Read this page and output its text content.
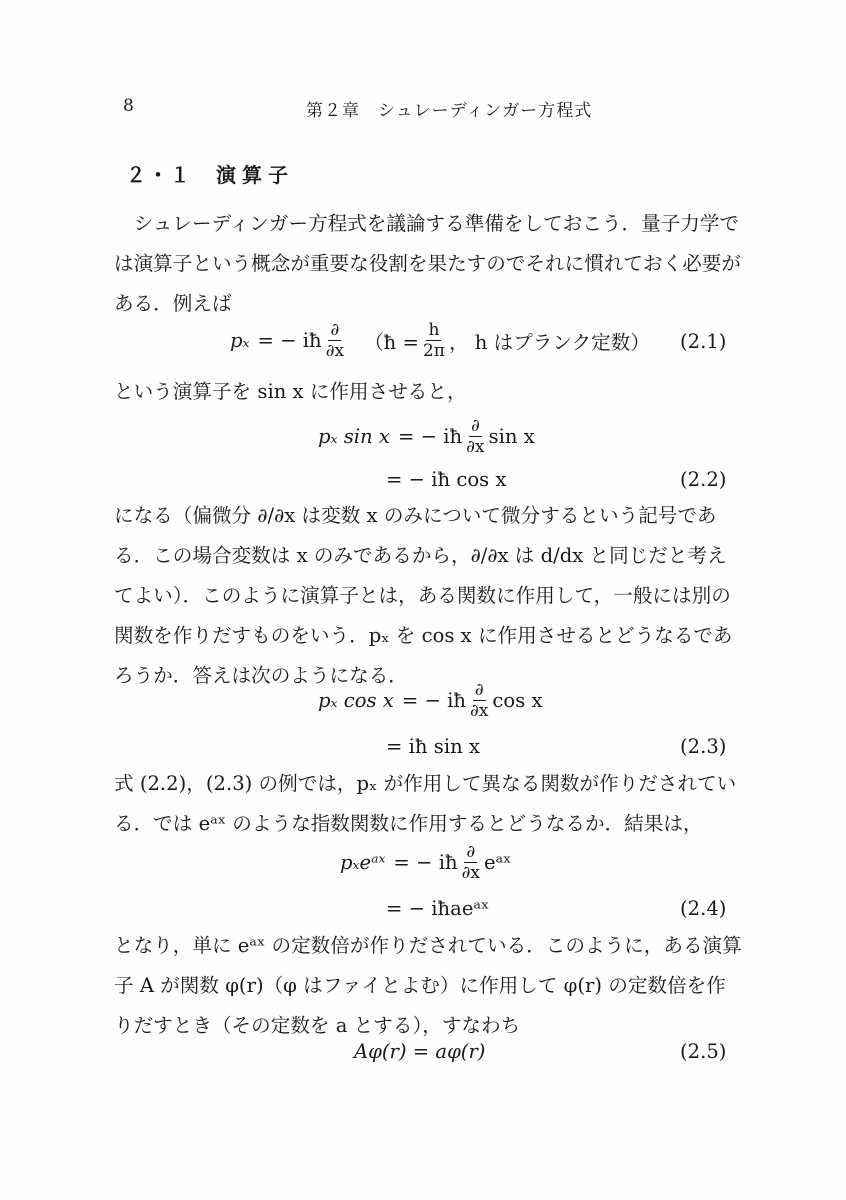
8	第２章　シュレーディンガー方程式
２・１ 演算子

シュレーディンガー方程式を議論する準備をしておこう．量子力学では演算子という概念が重要な役割を果たすのでそれに慣れておく必要がある．例えば

pₓ = − iħ $\frac{\partial}{\partial x}$ （ħ = $\frac{h}{2\pi}$ ， h はプランク定数） (2.1)

という演算子を sin x に作用させると，

pₓ sin x = − iħ $\frac{\partial}{\partial x}$ sin x
= − iħ cos x	(2.2)

になる（偏微分 ∂/∂x は変数 x のみについて微分するという記号である．この場合変数は x のみであるから，∂/∂x は d/dx と同じだと考えてよい）．このように演算子とは，ある関数に作用して，一般には別の関数を作りだすものをいう．pₓ を cos x に作用させるとどうなるであろうか．答えは次のようになる．

pₓ cos x = − iħ $\frac{\partial}{\partial x}$ cos x
= iħ sin x	(2.3)

式 (2.2)，(2.3) の例では，pₓ が作用して異なる関数が作りだされている．では eᵃˣ のような指数関数に作用するとどうなるか．結果は，

pₓeᵃˣ = − iħ $\frac{\partial}{\partial x}$ eᵃˣ
= − iħaeᵃˣ	(2.4)

となり，単に eᵃˣ の定数倍が作りだされている．このように，ある演算子 A が関数 φ(r)（φ はファイとよむ）に作用して φ(r) の定数倍を作りだすとき（その定数を a とする），すなわち

Aφ(r) = aφ(r)	(2.5)
